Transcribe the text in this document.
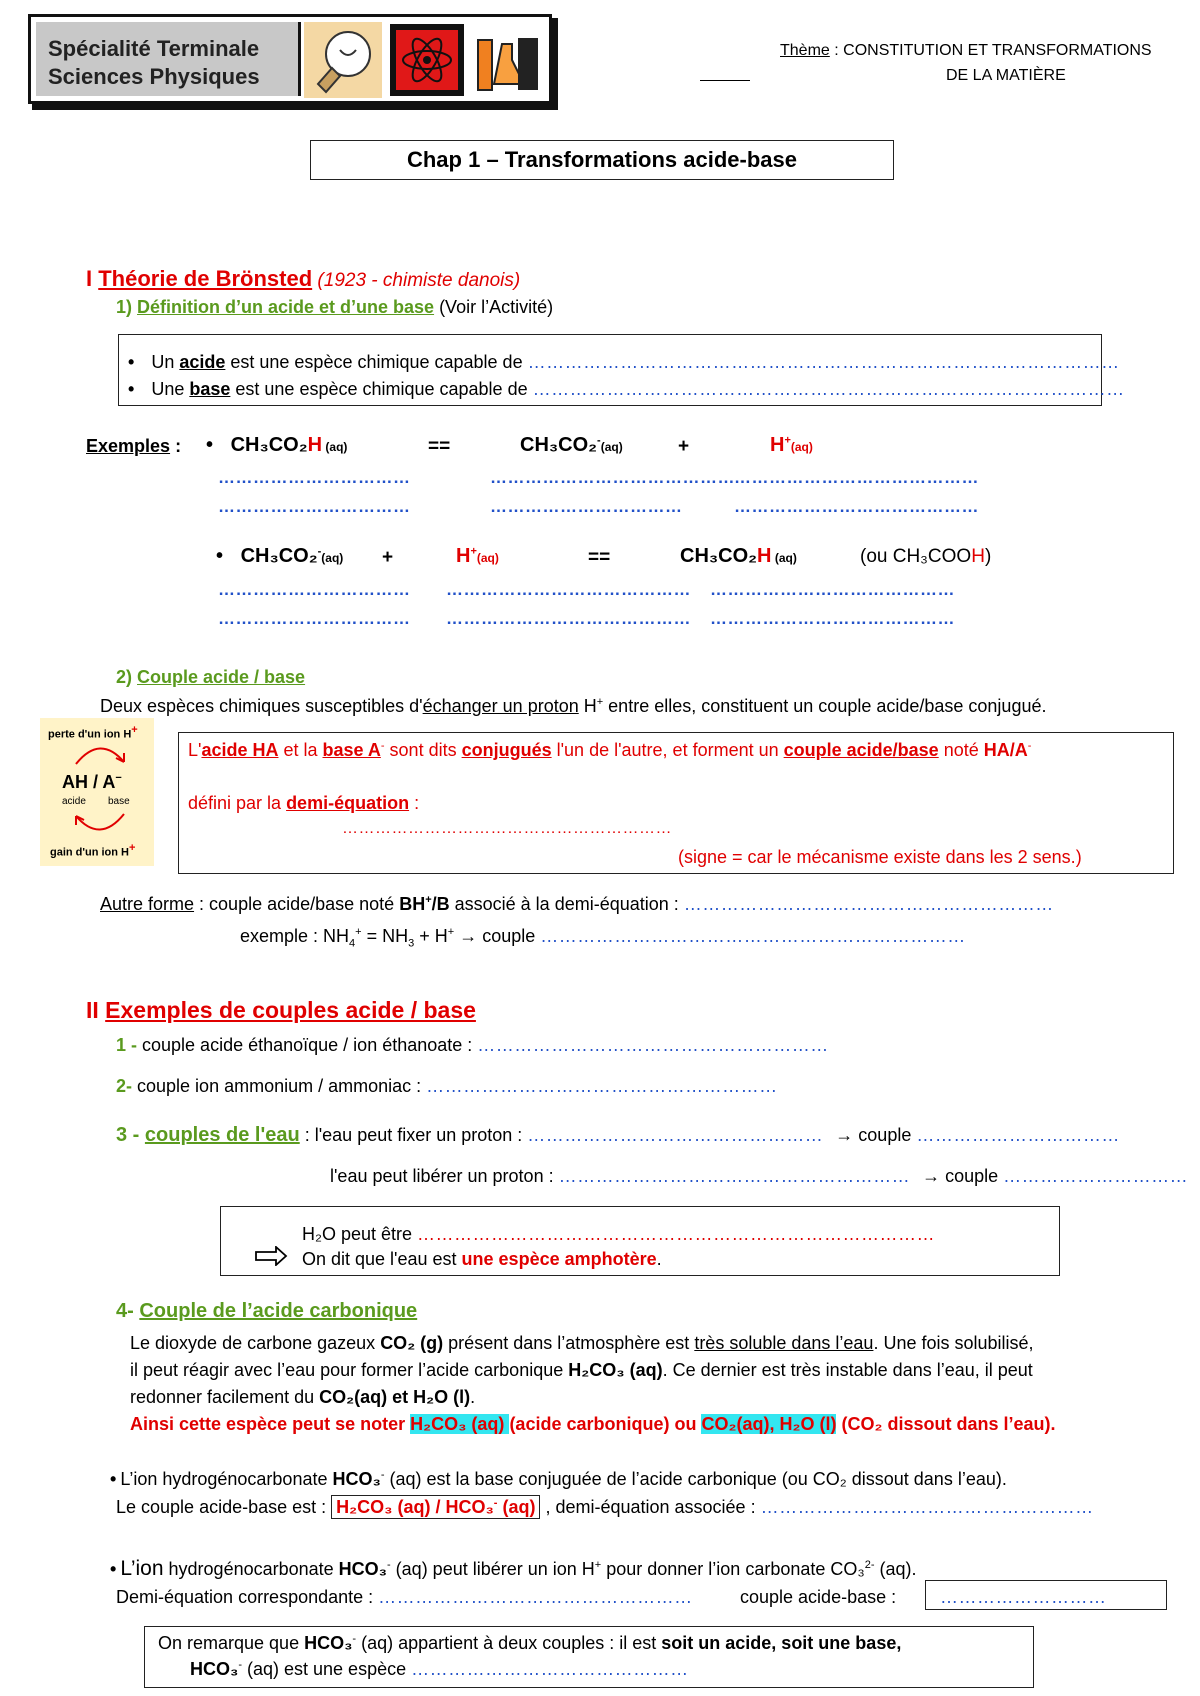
Spécialité Terminale
Sciences Physiques
Thème : CONSTITUTION ET TRANSFORMATIONS
DE LA MATIÈRE
Chap 1 – Transformations acide-base
I Théorie de Brönsted (1923 - chimiste danois)
1) Définition d’un acide et d’une base (Voir l’Activité)
• Un acide est une espèce chimique capable de ……………………………………………………………………………………
• Une base est une espèce chimique capable de ……………………………………………………………………………………
Exemples :
•	CH₃CO₂H (aq)	==	CH₃CO₂-(aq)	+	H+(aq)
……………………………
……………………………
……………………………………
……………………………
……………………………………
……………………………………
• CH₃CO₂-(aq) +	H+(aq)	==	CH₃CO₂H (aq)	(ou CH₃COOH)
……………………………
……………………………
……………………………………
……………………………………
……………………………………
……………………………………
2) Couple acide / base
Deux espèces chimiques susceptibles d'échanger un proton H+ entre elles, constituent un couple acide/base conjugué.
perte d'un ion H+
AH / A−
acide base
gain d'un ion H+
L'acide HA et la base A- sont dits conjugués l'un de l'autre, et forment un couple acide/base noté HA/A-
défini par la demi-équation :
……………………………………………………
(signe = car le mécanisme existe dans les 2 sens.)
Autre forme : couple acide/base noté BH+/B associé à la demi-équation : ……………………………………………………
exemple : $NH_4^+ = NH_3 + H^+$ → couple ……………………………………………………………
II Exemples de couples acide / base
1 - couple acide éthanoïque / ion éthanoate : …………………………………………………
2- couple ion ammonium / ammoniac : …………………………………………………
3 - couples de l'eau : l'eau peut fixer un proton : ………………………………………… → couple ……………………………
l'eau peut libérer un proton : ………………………………………………… → couple …………………………
H₂O peut être …………………………………………………………………………
On dit que l'eau est une espèce amphotère.
4- Couple de l’acide carbonique
Le dioxyde de carbone gazeux CO₂ (g) présent dans l’atmosphère est très soluble dans l’eau. Une fois solubilisé,
il peut réagir avec l’eau pour former l’acide carbonique H₂CO₃ (aq). Ce dernier est très instable dans l’eau, il peut
redonner facilement du CO₂(aq) et H₂O (l).
Ainsi cette espèce peut se noter H₂CO₃ (aq) (acide carbonique) ou CO₂(aq), H₂O (l) (CO₂ dissout dans l’eau).
• L’ion hydrogénocarbonate HCO₃- (aq) est la base conjuguée de l’acide carbonique (ou CO₂ dissout dans l’eau).
Le couple acide-base est : H₂CO₃ (aq) / HCO₃- (aq) , demi-équation associée : ………………………………………………
• L’ion hydrogénocarbonate HCO₃- (aq) peut libérer un ion H+ pour donner l’ion carbonate CO₃$^{2-}$ (aq).
Demi-équation correspondante : ……………………………………………	couple acide-base : ………………………
On remarque que HCO₃- (aq) appartient à deux couples : il est soit un acide, soit une base,
HCO₃- (aq) est une espèce ………………………………………
